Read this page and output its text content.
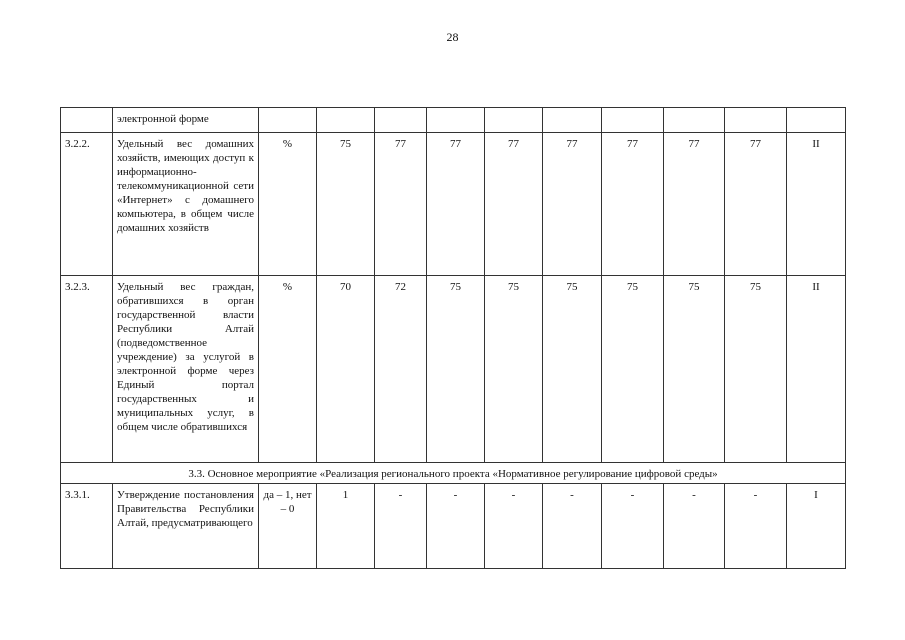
28
	электронной форме										
3.2.2.	Удельный вес домашних хозяйств, имеющих доступ к информационно-телекоммуникационной сети «Интернет» с домашнего компьютера, в общем числе домашних хозяйств	%	75	77	77	77	77	77	77	77	II
3.2.3.	Удельный вес граждан, обратившихся в орган государственной власти Республики Алтай (подведомственное учреждение) за услугой в электронной форме через Единый портал государственных и муниципальных услуг, в общем числе обратившихся	%	70	72	75	75	75	75	75	75	II
3.3. Основное мероприятие «Реализация регионального проекта «Нормативное регулирование цифровой среды»											
3.3.1.	Утверждение постановления Правительства Республики Алтай, предусматривающего	да – 1, нет – 0	1	-	-	-	-	-	-	-	I
